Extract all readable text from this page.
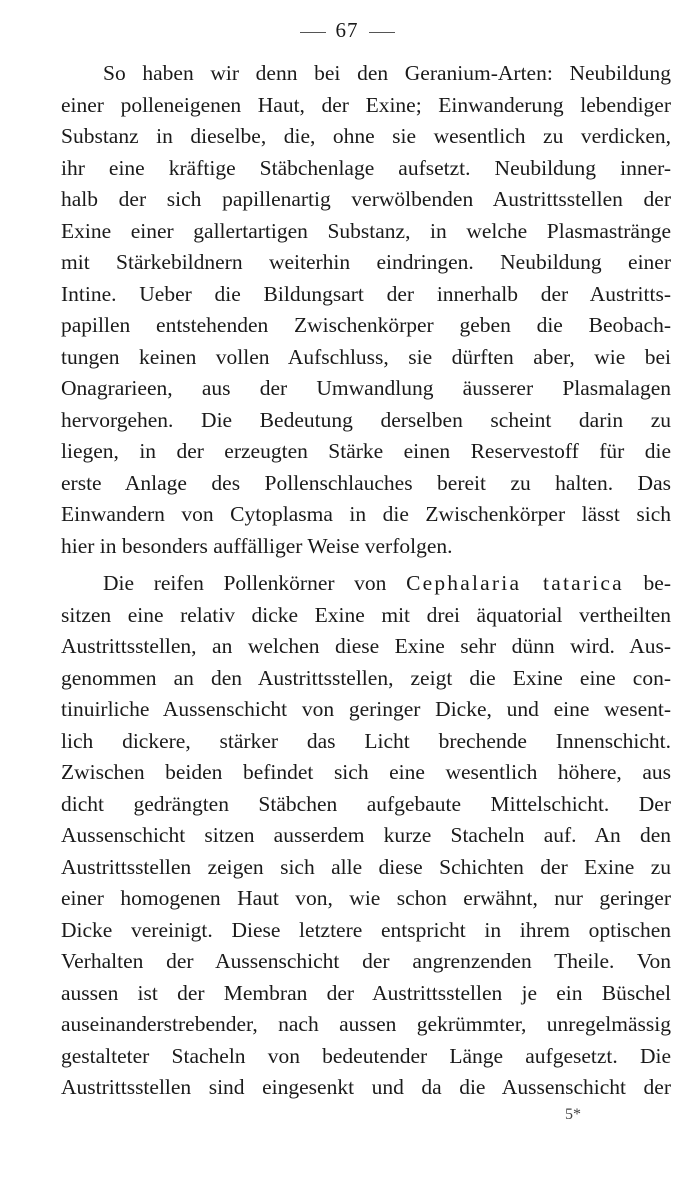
67
So haben wir denn bei den Geranium-Arten: Neubildung
einer polleneigenen Haut, der Exine; Einwanderung lebendiger
Substanz in dieselbe, die, ohne sie wesentlich zu verdicken,
ihr eine kräftige Stäbchenlage aufsetzt. Neubildung inner-
halb der sich papillenartig verwölbenden Austrittsstellen der
Exine einer gallertartigen Substanz, in welche Plasmastränge
mit Stärkebildnern weiterhin eindringen. Neubildung einer
Intine. Ueber die Bildungsart der innerhalb der Austritts-
papillen entstehenden Zwischenkörper geben die Beobach-
tungen keinen vollen Aufschluss, sie dürften aber, wie bei
Onagrarieen, aus der Umwandlung äusserer Plasmalagen
hervorgehen. Die Bedeutung derselben scheint darin zu
liegen, in der erzeugten Stärke einen Reservestoff für die
erste Anlage des Pollenschlauches bereit zu halten. Das
Einwandern von Cytoplasma in die Zwischenkörper lässt sich
hier in besonders auffälliger Weise verfolgen.
Die reifen Pollenkörner von Cephalaria tatarica be-
sitzen eine relativ dicke Exine mit drei äquatorial vertheilten
Austrittsstellen, an welchen diese Exine sehr dünn wird. Aus-
genommen an den Austrittsstellen, zeigt die Exine eine con-
tinuirliche Aussenschicht von geringer Dicke, und eine wesent-
lich dickere, stärker das Licht brechende Innenschicht.
Zwischen beiden befindet sich eine wesentlich höhere, aus
dicht gedrängten Stäbchen aufgebaute Mittelschicht. Der
Aussenschicht sitzen ausserdem kurze Stacheln auf. An den
Austrittsstellen zeigen sich alle diese Schichten der Exine zu
einer homogenen Haut von, wie schon erwähnt, nur geringer
Dicke vereinigt. Diese letztere entspricht in ihrem optischen
Verhalten der Aussenschicht der angrenzenden Theile. Von
aussen ist der Membran der Austrittsstellen je ein Büschel
auseinanderstrebender, nach aussen gekrümmter, unregelmässig
gestalteter Stacheln von bedeutender Länge aufgesetzt. Die
Austrittsstellen sind eingesenkt und da die Aussenschicht der
5*
